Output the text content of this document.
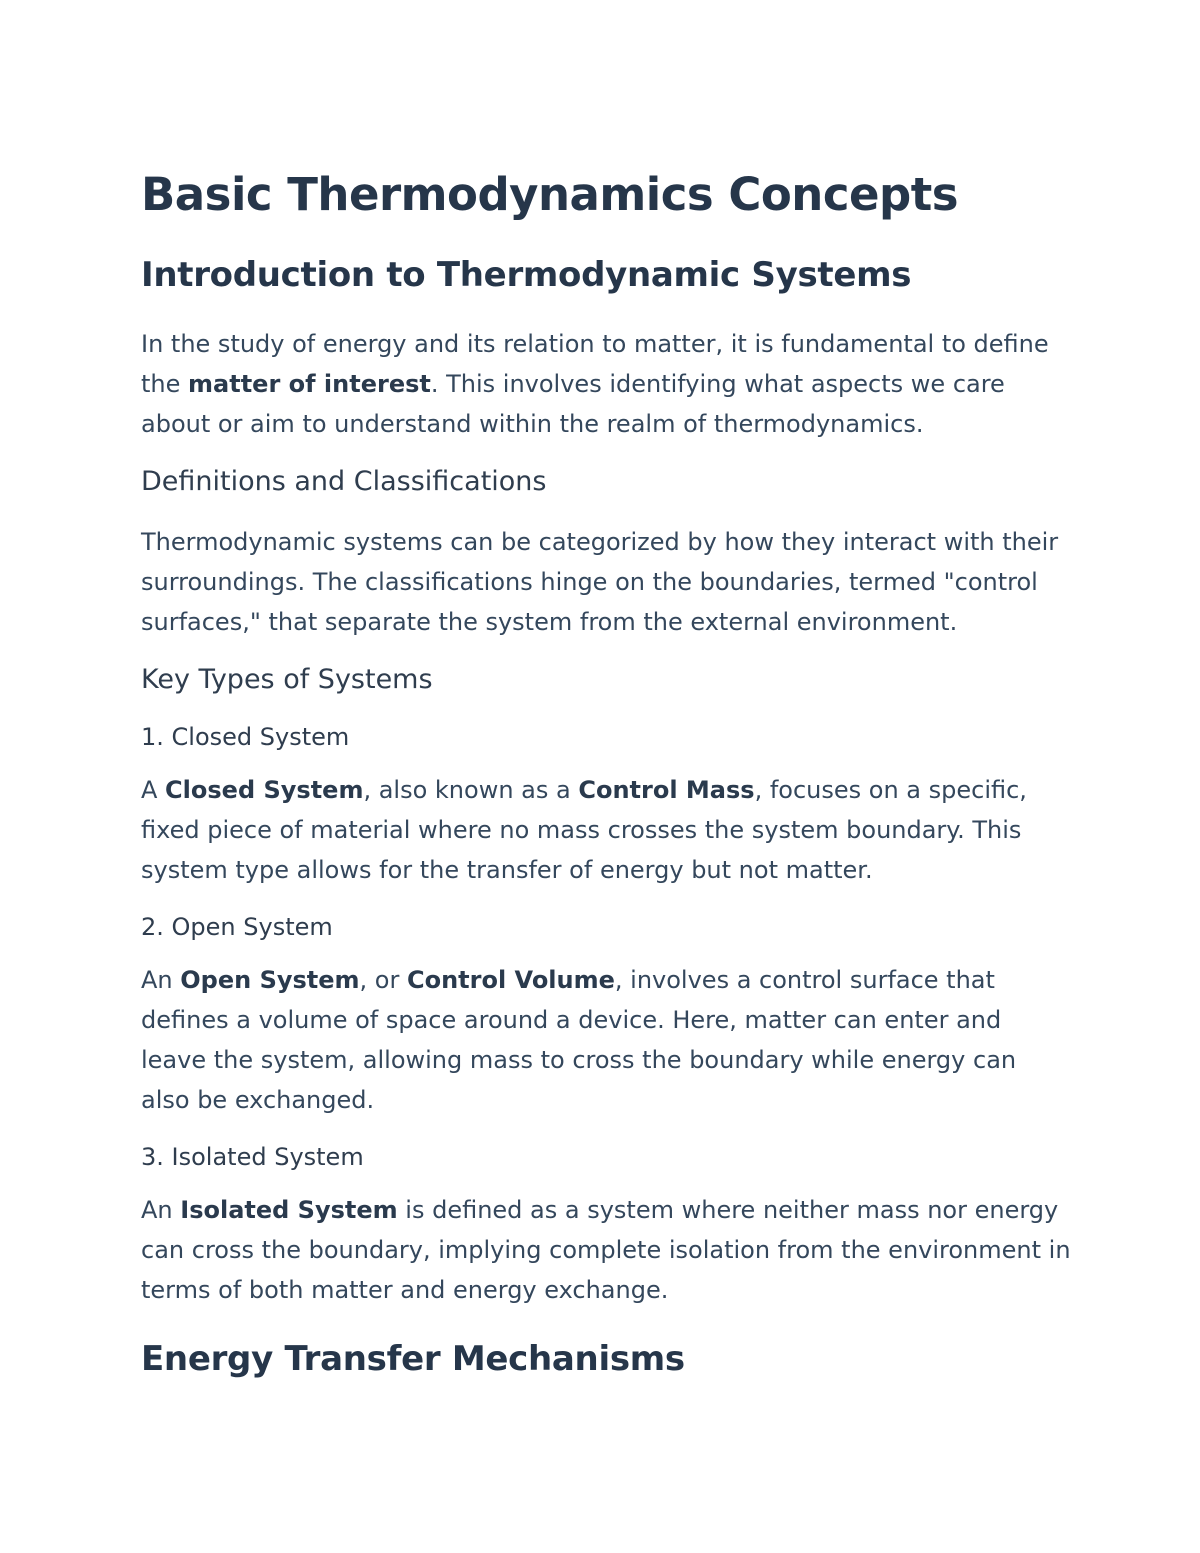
Basic Thermodynamics Concepts
Introduction to Thermodynamic Systems

In the study of energy and its relation to matter, it is fundamental to define the matter of interest. This involves identifying what aspects we care about or aim to understand within the realm of thermodynamics.

Definitions and Classifications

Thermodynamic systems can be categorized by how they interact with their surroundings. The classifications hinge on the boundaries, termed "control surfaces," that separate the system from the external environment.

Key Types of Systems
1. Closed System

A Closed System, also known as a Control Mass, focuses on a specific, fixed piece of material where no mass crosses the system boundary. This system type allows for the transfer of energy but not matter.

2. Open System

An Open System, or Control Volume, involves a control surface that defines a volume of space around a device. Here, matter can enter and leave the system, allowing mass to cross the boundary while energy can also be exchanged.

3. Isolated System

An Isolated System is defined as a system where neither mass nor energy can cross the boundary, implying complete isolation from the environment in terms of both matter and energy exchange.

Energy Transfer Mechanisms
